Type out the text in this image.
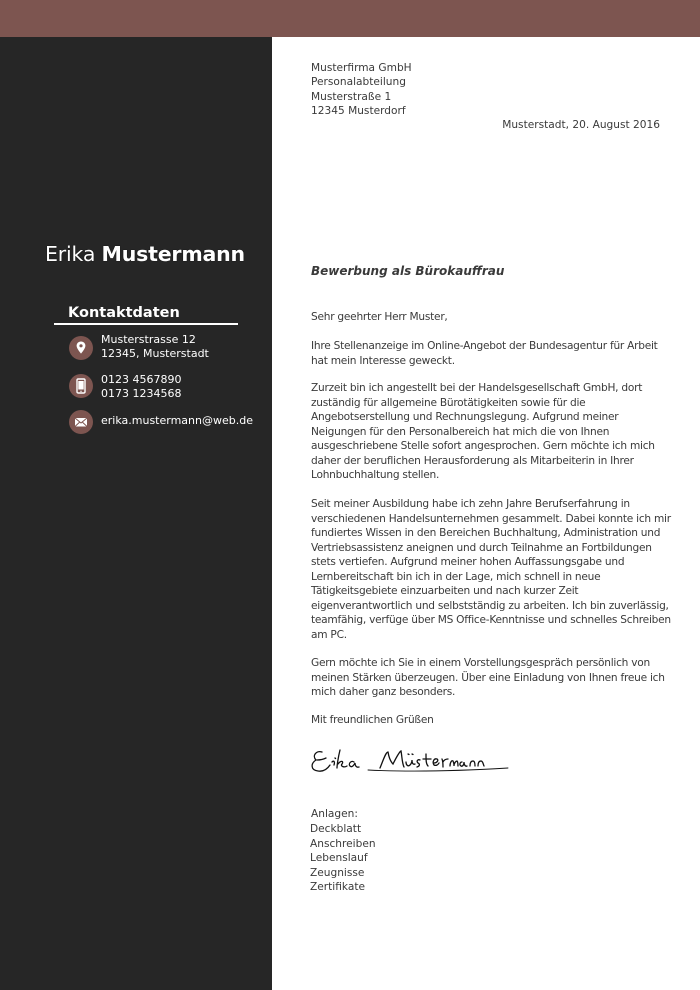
Erika Mustermann
Kontaktdaten
Musterstrasse 12
12345, Musterstadt
0123 4567890
0173 1234568
erika.mustermann@web.de
Musterfirma GmbH
Personalabteilung
Musterstraße 1
12345 Musterdorf
Musterstadt, 20. August 2016
Bewerbung als Bürokauffrau
Sehr geehrter Herr Muster,
Ihre Stellenanzeige im Online-Angebot der Bundesagentur für Arbeit
hat mein Interesse geweckt.
Zurzeit bin ich angestellt bei der Handelsgesellschaft GmbH, dort
zuständig für allgemeine Bürotätigkeiten sowie für die
Angebotserstellung und Rechnungslegung. Aufgrund meiner
Neigungen für den Personalbereich hat mich die von Ihnen
ausgeschriebene Stelle sofort angesprochen. Gern möchte ich mich
daher der beruflichen Herausforderung als Mitarbeiterin in Ihrer
Lohnbuchhaltung stellen.
Seit meiner Ausbildung habe ich zehn Jahre Berufserfahrung in
verschiedenen Handelsunternehmen gesammelt. Dabei konnte ich mir
fundiertes Wissen in den Bereichen Buchhaltung, Administration und
Vertriebsassistenz aneignen und durch Teilnahme an Fortbildungen
stets vertiefen. Aufgrund meiner hohen Auffassungsgabe und
Lernbereitschaft bin ich in der Lage, mich schnell in neue
Tätigkeitsgebiete einzuarbeiten und nach kurzer Zeit
eigenverantwortlich und selbstständig zu arbeiten. Ich bin zuverlässig,
teamfähig, verfüge über MS Office-Kenntnisse und schnelles Schreiben
am PC.
Gern möchte ich Sie in einem Vorstellungsgespräch persönlich von
meinen Stärken überzeugen. Über eine Einladung von Ihnen freue ich
mich daher ganz besonders.
Mit freundlichen Grüßen
Anlagen:
Deckblatt
Anschreiben
Lebenslauf
Zeugnisse
Zertifikate
